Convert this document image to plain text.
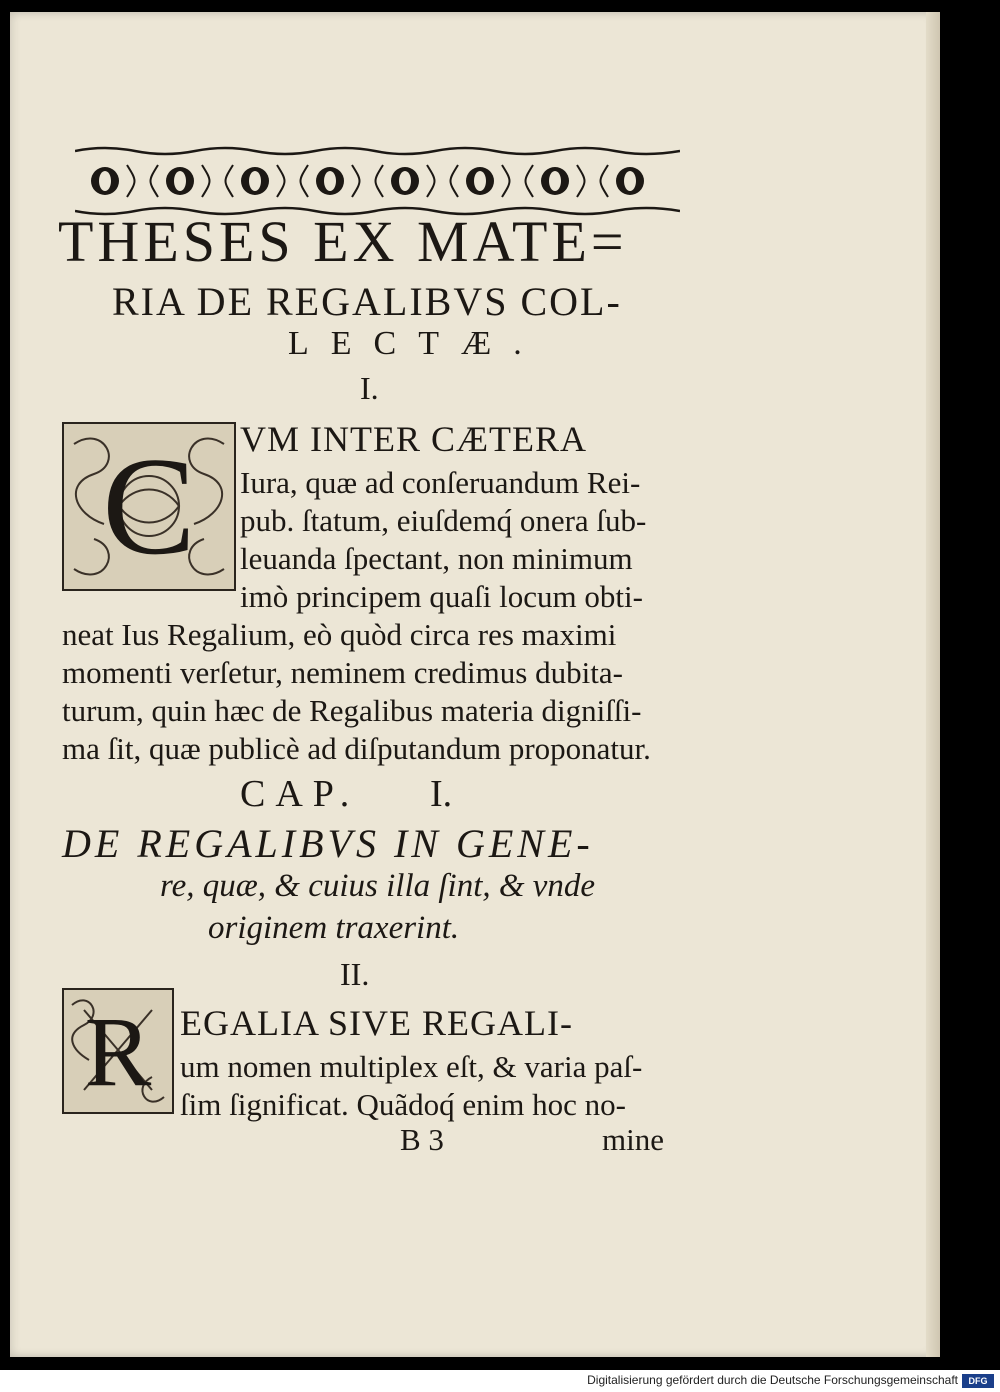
THESES EX MATE=
RIA DE REGALIBVS COL-
LECTÆ.
I.
C VM INTER CÆTERA
Iura, quæ ad conſeruandum Rei-
pub. ſtatum, eiuſdemq́ onera ſub-
leuanda ſpectant, non minimum
imò principem quaſi locum obti-
neat Ius Regalium, eò quòd circa res maximi
momenti verſetur, neminem credimus dubita-
turum, quin hæc de Regalibus materia digniſſi-
ma ſit, quæ publicè ad diſputandum proponatur.
CAP. I.
DE REGALIBVS IN GENE-
re, quæ, & cuius illa ſint, & vnde
originem traxerint.
II.
R EGALIA SIVE REGALI-
um nomen multiplex eſt, & varia paſ-
ſim ſignificat. Quãdoq́ enim hoc no-
B 3	mine
Digitalisierung gefördert durch die Deutsche Forschungsgemeinschaft	DFG
